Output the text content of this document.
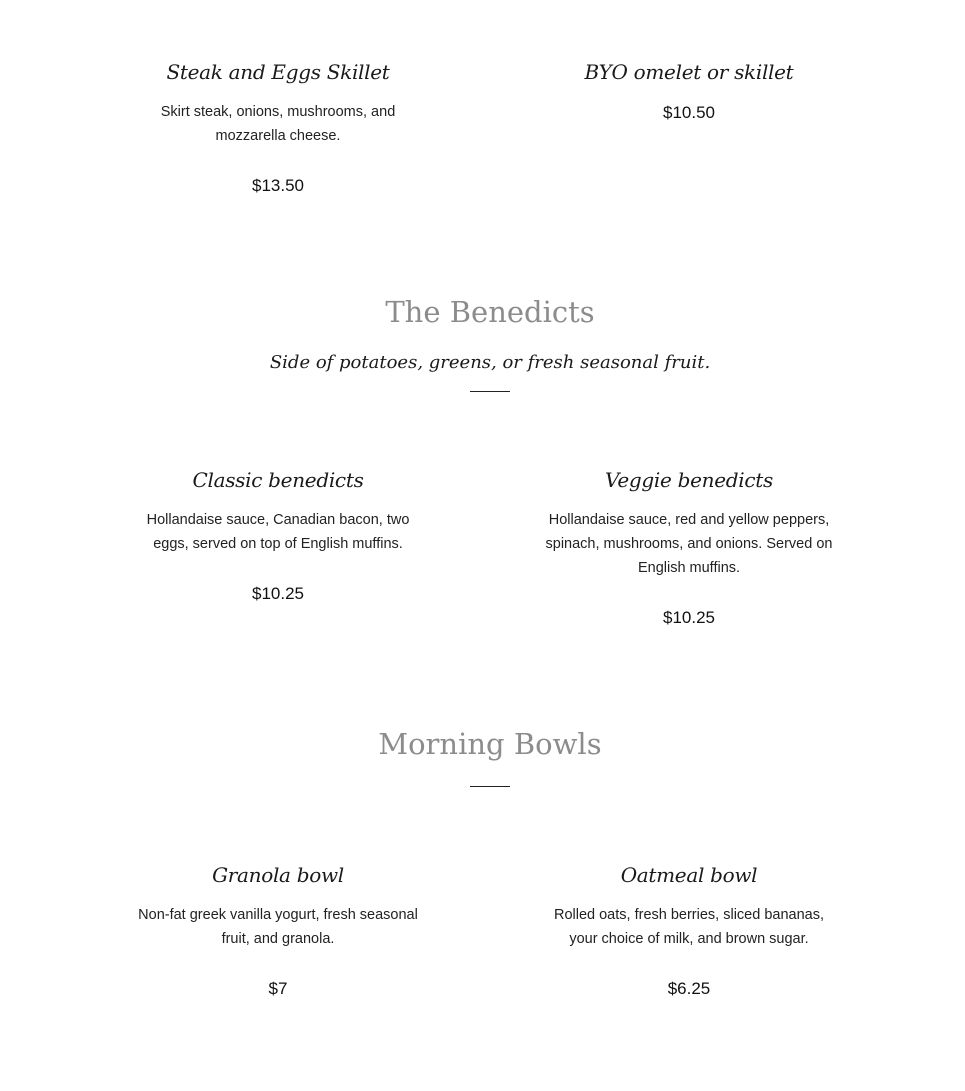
Steak and Eggs Skillet
Skirt steak, onions, mushrooms, and mozzarella cheese.
$13.50
BYO omelet or skillet
$10.50
The Benedicts
Side of potatoes, greens, or fresh seasonal fruit.
Classic benedicts
Hollandaise sauce, Canadian bacon, two eggs, served on top of English muffins.
$10.25
Veggie benedicts
Hollandaise sauce, red and yellow peppers, spinach, mushrooms, and onions. Served on English muffins.
$10.25
Morning Bowls
Granola bowl
Non-fat greek vanilla yogurt, fresh seasonal fruit, and granola.
$7
Oatmeal bowl
Rolled oats, fresh berries, sliced bananas, your choice of milk, and brown sugar.
$6.25
